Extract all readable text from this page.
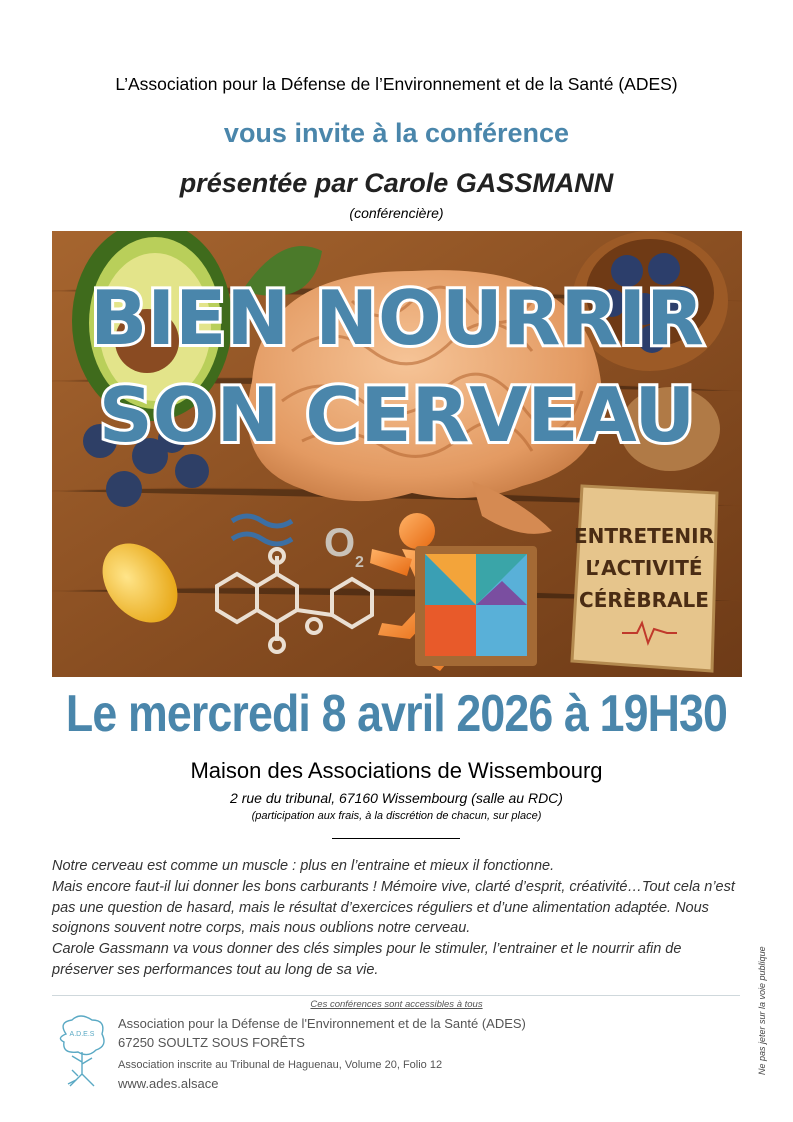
L’Association pour la Défense de l’Environnement et de la Santé (ADES)
vous invite à la conférence
présentée par Carole GASSMANN
(conférencière)
O 2
ENTRETENIR
L’ACTIVITÉ
CÉRÈBRALE
BIEN NOURRIR
SON CERVEAU
Le mercredi 8 avril 2026 à 19H30
Maison des Associations de Wissembourg
2 rue du tribunal, 67160 Wissembourg (salle au RDC)
(participation aux frais, à la discrétion de chacun, sur place)

Notre cerveau est comme un muscle : plus en l’entraine et mieux il fonctionne.

Mais encore faut-il lui donner les bons carburants ! Mémoire vive, clarté d’esprit, créativité…Tout cela n’est pas une question de hasard, mais le résultat d’exercices réguliers et d’une alimentation adaptée. Nous soignons souvent notre corps, mais nous oublions notre cerveau.

Carole Gassmann va vous donner des clés simples pour le stimuler, l’entrainer et le nourrir afin de préserver ses performances tout au long de sa vie.	Ne pas jeter sur la voie publique
Ces conférences sont accessibles à tous
A.D.E.S
Association pour la Défense de l'Environnement et de la Santé (ADES)
67250 SOULTZ SOUS FORÊTS
Association inscrite au Tribunal de Haguenau, Volume 20, Folio 12
www.ades.alsace
